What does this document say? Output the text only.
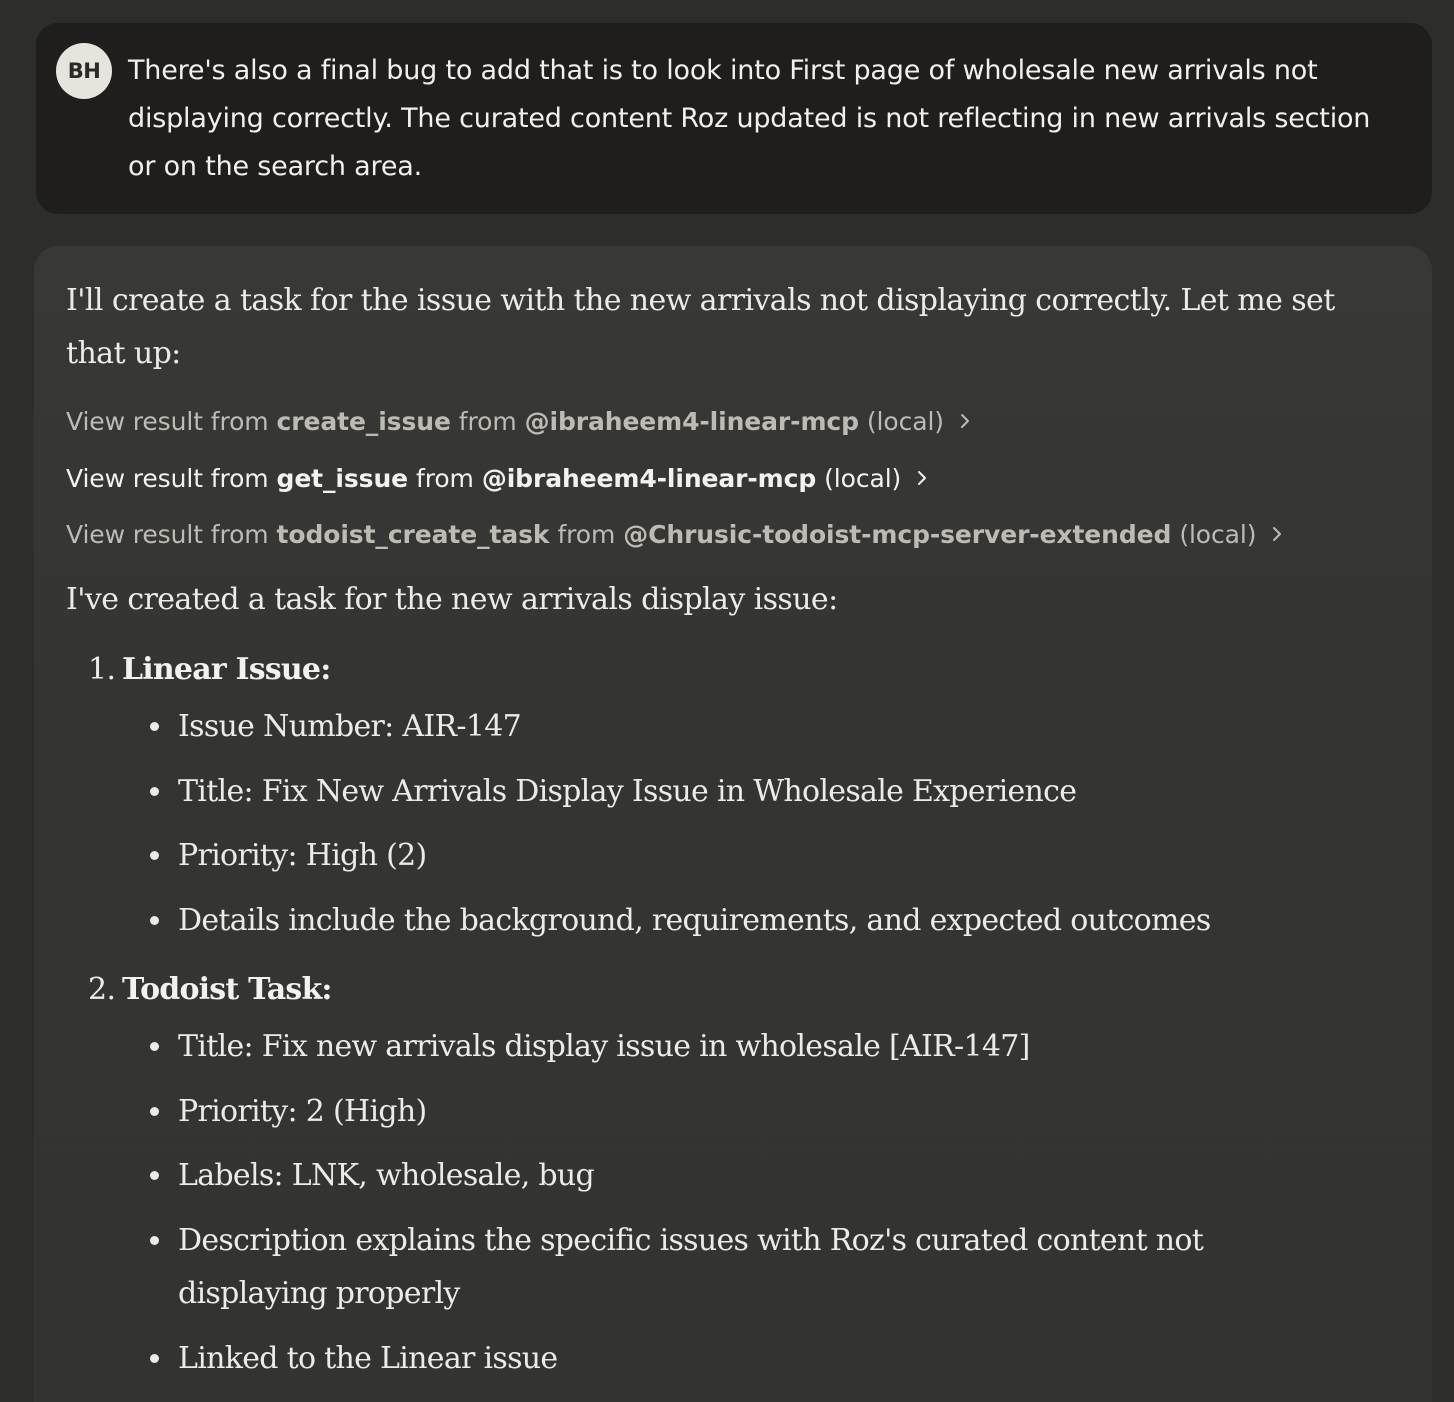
BH	There's also a final bug to add that is to look into First page of wholesale new arrivals not displaying correctly. The curated content Roz updated is not reflecting in new arrivals section or on the search area.
I'll create a task for the issue with the new arrivals not displaying correctly. Let me set that up:
View result from create_issue from @ibraheem4-linear-mcp (local)
View result from get_issue from @ibraheem4-linear-mcp (local)
View result from todoist_create_task from @Chrusic-todoist-mcp-server-extended (local)
I've created a task for the new arrivals display issue:
1. Linear Issue:
Issue Number: AIR-147
Title: Fix New Arrivals Display Issue in Wholesale Experience
Priority: High (2)
Details include the background, requirements, and expected outcomes
2. Todoist Task:
Title: Fix new arrivals display issue in wholesale [AIR-147]
Priority: 2 (High)
Labels: LNK, wholesale, bug
Description explains the specific issues with Roz's curated content not displaying properly
Linked to the Linear issue
